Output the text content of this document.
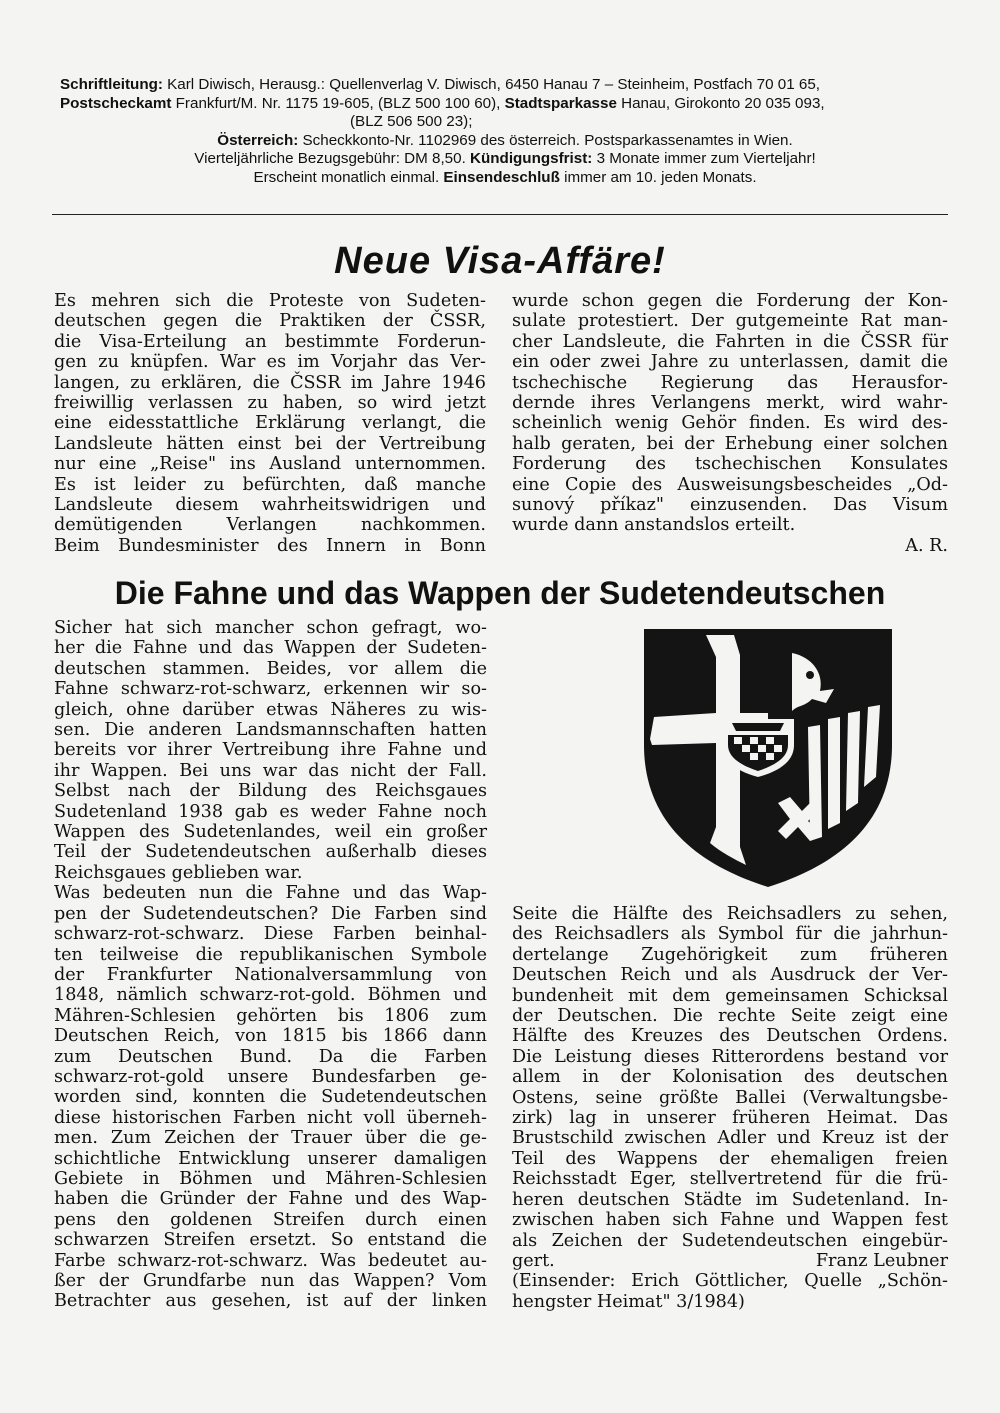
Schriftleitung: Karl Diwisch, Herausg.: Quellenverlag V. Diwisch, 6450 Hanau 7 – Steinheim, Postfach 70 01 65,
Postscheckamt Frankfurt/M. Nr. 1175 19-605, (BLZ 500 100 60), Stadtsparkasse Hanau, Girokonto 20 035 093,
(BLZ 506 500 23);
Österreich: Scheckkonto-Nr. 1102969 des österreich. Postsparkassenamtes in Wien.
Vierteljährliche Bezugsgebühr: DM 8,50. Kündigungsfrist: 3 Monate immer zum Vierteljahr!
Erscheint monatlich einmal. Einsendeschluß immer am 10. jeden Monats.
Neue Visa-Affäre!
Es mehren sich die Proteste von Sudeten-
deutschen gegen die Praktiken der ČSSR,
die Visa-Erteilung an bestimmte Forderun-
gen zu knüpfen. War es im Vorjahr das Ver-
langen, zu erklären, die ČSSR im Jahre 1946
freiwillig verlassen zu haben, so wird jetzt
eine eidesstattliche Erklärung verlangt, die
Landsleute hätten einst bei der Vertreibung
nur eine „Reise" ins Ausland unternommen.
Es ist leider zu befürchten, daß manche
Landsleute diesem wahrheitswidrigen und
demütigenden Verlangen nachkommen.
Beim Bundesminister des Innern in Bonn
wurde schon gegen die Forderung der Kon-
sulate protestiert. Der gutgemeinte Rat man-
cher Landsleute, die Fahrten in die ČSSR für
ein oder zwei Jahre zu unterlassen, damit die
tschechische Regierung das Herausfor-
dernde ihres Verlangens merkt, wird wahr-
scheinlich wenig Gehör finden. Es wird des-
halb geraten, bei der Erhebung einer solchen
Forderung des tschechischen Konsulates
eine Copie des Ausweisungsbescheides „Od-
sunový příkaz" einzusenden. Das Visum
wurde dann anstandslos erteilt.
A. R.
Die Fahne und das Wappen der Sudetendeutschen
Sicher hat sich mancher schon gefragt, wo-
her die Fahne und das Wappen der Sudeten-
deutschen stammen. Beides, vor allem die
Fahne schwarz-rot-schwarz, erkennen wir so-
gleich, ohne darüber etwas Näheres zu wis-
sen. Die anderen Landsmannschaften hatten
bereits vor ihrer Vertreibung ihre Fahne und
ihr Wappen. Bei uns war das nicht der Fall.
Selbst nach der Bildung des Reichsgaues
Sudetenland 1938 gab es weder Fahne noch
Wappen des Sudetenlandes, weil ein großer
Teil der Sudetendeutschen außerhalb dieses
Reichsgaues geblieben war.
Was bedeuten nun die Fahne und das Wap-
pen der Sudetendeutschen? Die Farben sind
schwarz-rot-schwarz. Diese Farben beinhal-
ten teilweise die republikanischen Symbole
der Frankfurter Nationalversammlung von
1848, nämlich schwarz-rot-gold. Böhmen und
Mähren-Schlesien gehörten bis 1806 zum
Deutschen Reich, von 1815 bis 1866 dann
zum Deutschen Bund. Da die Farben
schwarz-rot-gold unsere Bundesfarben ge-
worden sind, konnten die Sudetendeutschen
diese historischen Farben nicht voll überneh-
men. Zum Zeichen der Trauer über die ge-
schichtliche Entwicklung unserer damaligen
Gebiete in Böhmen und Mähren-Schlesien
haben die Gründer der Fahne und des Wap-
pens den goldenen Streifen durch einen
schwarzen Streifen ersetzt. So entstand die
Farbe schwarz-rot-schwarz. Was bedeutet au-
ßer der Grundfarbe nun das Wappen? Vom
Betrachter aus gesehen, ist auf der linken
Seite die Hälfte des Reichsadlers zu sehen,
des Reichsadlers als Symbol für die jahrhun-
dertelange Zugehörigkeit zum früheren
Deutschen Reich und als Ausdruck der Ver-
bundenheit mit dem gemeinsamen Schicksal
der Deutschen. Die rechte Seite zeigt eine
Hälfte des Kreuzes des Deutschen Ordens.
Die Leistung dieses Ritterordens bestand vor
allem in der Kolonisation des deutschen
Ostens, seine größte Ballei (Verwaltungsbe-
zirk) lag in unserer früheren Heimat. Das
Brustschild zwischen Adler und Kreuz ist der
Teil des Wappens der ehemaligen freien
Reichsstadt Eger, stellvertretend für die frü-
heren deutschen Städte im Sudetenland. In-
zwischen haben sich Fahne und Wappen fest
als Zeichen der Sudetendeutschen eingebür-
gert.	Franz Leubner
(Einsender: Erich Göttlicher, Quelle „Schön-
hengster Heimat" 3/1984)
